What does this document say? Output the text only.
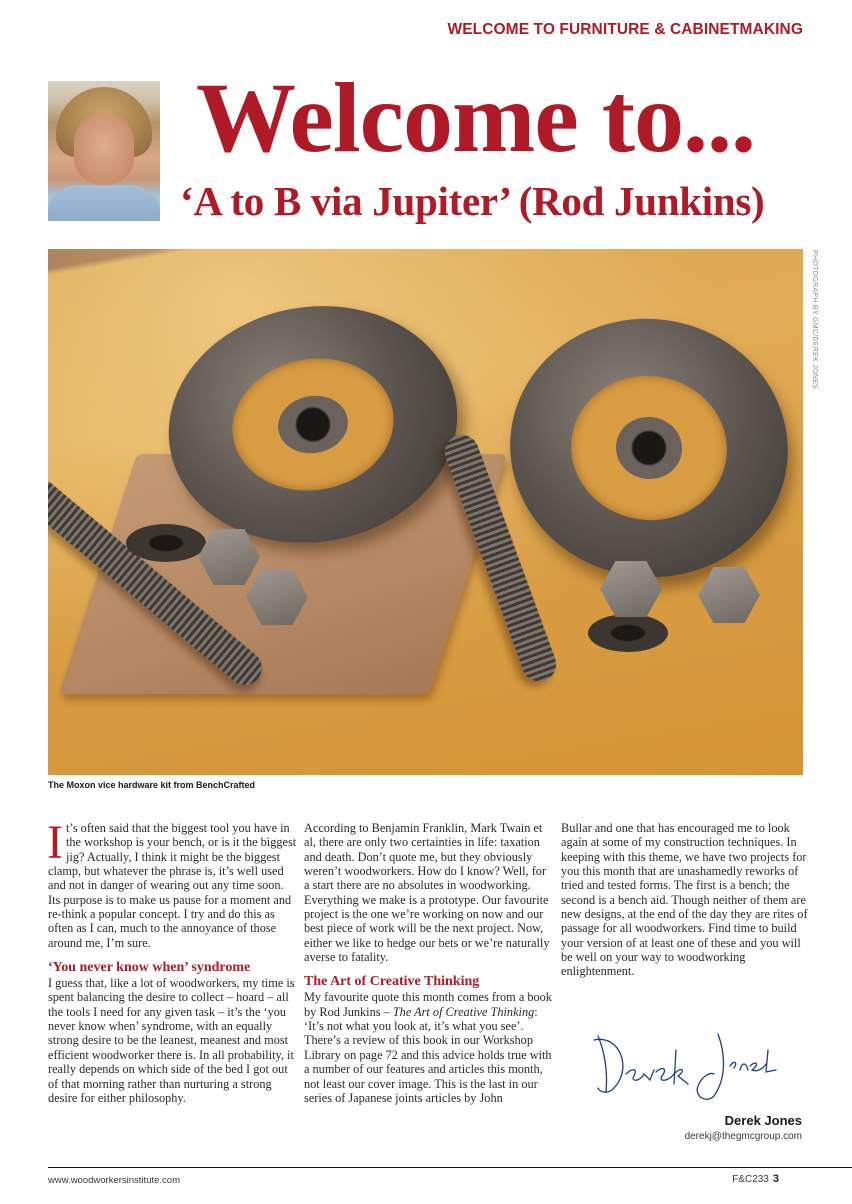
WELCOME TO FURNITURE & CABINETMAKING
Welcome to...
‘A to B via Jupiter’ (Rod Junkins)
PHOTOGRAPH BY GMC/DEREK JONES
The Moxon vice hardware kit from BenchCrafted

It’s often said that the biggest tool you have in the workshop is your bench, or is it the biggest jig? Actually, I think it might be the biggest clamp, but whatever the phrase is, it’s well used and not in danger of wearing out any time soon. Its purpose is to make us pause for a moment and re-think a popular concept. I try and do this as often as I can, much to the annoyance of those around me, I’m sure.

‘You never know when’ syndrome

I guess that, like a lot of woodworkers, my time is spent balancing the desire to collect – hoard – all the tools I need for any given task – it’s the ‘you never know when’ syndrome, with an equally strong desire to be the leanest, meanest and most efficient woodworker there is. In all probability, it really depends on which side of the bed I got out of that morning rather than nurturing a strong desire for either philosophy.

According to Benjamin Franklin, Mark Twain et al, there are only two certainties in life: taxation and death. Don’t quote me, but they obviously weren’t woodworkers. How do I know? Well, for a start there are no absolutes in woodworking. Everything we make is a prototype. Our favourite project is the one we’re working on now and our best piece of work will be the next project. Now, either we like to hedge our bets or we’re naturally averse to fatality.

The Art of Creative Thinking

My favourite quote this month comes from a book by Rod Junkins – The Art of Creative Thinking: ‘It’s not what you look at, it’s what you see’. There’s a review of this book in our Workshop Library on page 72 and this advice holds true with a number of our features and articles this month, not least our cover image. This is the last in our series of Japanese joints articles by John

Bullar and one that has encouraged me to look again at some of my construction techniques. In keeping with this theme, we have two projects for you this month that are unashamedly reworks of tried and tested forms. The first is a bench; the second is a bench aid. Though neither of them are new designs, at the end of the day they are rites of passage for all woodworkers. Find time to build your version of at least one of these and you will be well on your way to woodworking enlightenment.

Derek Jones
derekj@thegmcgroup.com
www.woodworkersinstitute.com	F&C233 3
